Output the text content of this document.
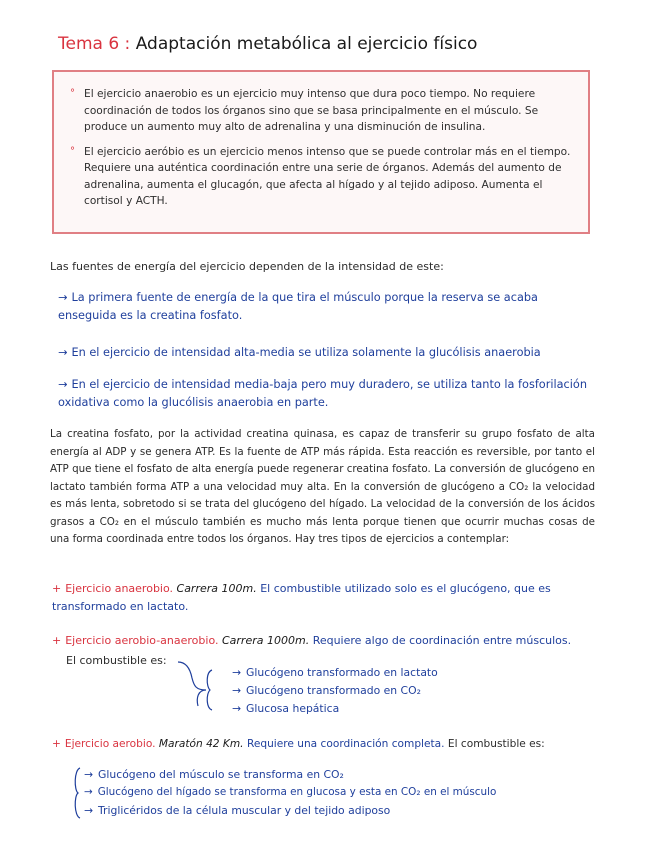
Tema 6 : Adaptación metabólica al ejercicio físico

° El ejercicio anaerobio es un ejercicio muy intenso que dura poco tiempo. No requiere coordinación de todos los órganos sino que se basa principalmente en el músculo. Se produce un aumento muy alto de adrenalina y una disminución de insulina.

° El ejercicio aeróbio es un ejercicio menos intenso que se puede controlar más en el tiempo. Requiere una auténtica coordinación entre una serie de órganos. Además del aumento de adrenalina, aumenta el glucagón, que afecta al hígado y al tejido adiposo. Aumenta el cortisol y ACTH.

Las fuentes de energía del ejercicio dependen de la intensidad de este:
→ La primera fuente de energía de la que tira el músculo porque la reserva se acaba enseguida es la creatina fosfato.
→ En el ejercicio de intensidad alta-media se utiliza solamente la glucólisis anaerobia
→ En el ejercicio de intensidad media-baja pero muy duradero, se utiliza tanto la fosforilación oxidativa como la glucólisis anaerobia en parte.
La creatina fosfato, por la actividad creatina quinasa, es capaz de transferir su grupo fosfato de alta energía al ADP y se genera ATP. Es la fuente de ATP más rápida. Esta reacción es reversible, por tanto el ATP que tiene el fosfato de alta energía puede regenerar creatina fosfato. La conversión de glucógeno en lactato también forma ATP a una velocidad muy alta. En la conversión de glucógeno a CO₂ la velocidad es más lenta, sobretodo si se trata del glucógeno del hígado. La velocidad de la conversión de los ácidos grasos a CO₂ en el músculo también es mucho más lenta porque tienen que ocurrir muchas cosas de una forma coordinada entre todos los órganos. Hay tres tipos de ejercicios a contemplar:
+ Ejercicio anaerobio. Carrera 100m. El combustible utilizado solo es el glucógeno, que es transformado en lactato.
+ Ejercicio aerobio-anaerobio. Carrera 1000m. Requiere algo de coordinación entre músculos.
El combustible es:
→ Glucógeno transformado en lactato
→ Glucógeno transformado en CO₂
→ Glucosa hepática
+ Ejercicio aerobio. Maratón 42 Km. Requiere una coordinación completa. El combustible es:
→ Glucógeno del músculo se transforma en CO₂
→ Glucógeno del hígado se transforma en glucosa y esta en CO₂ en el músculo
→ Triglicéridos de la célula muscular y del tejido adiposo
